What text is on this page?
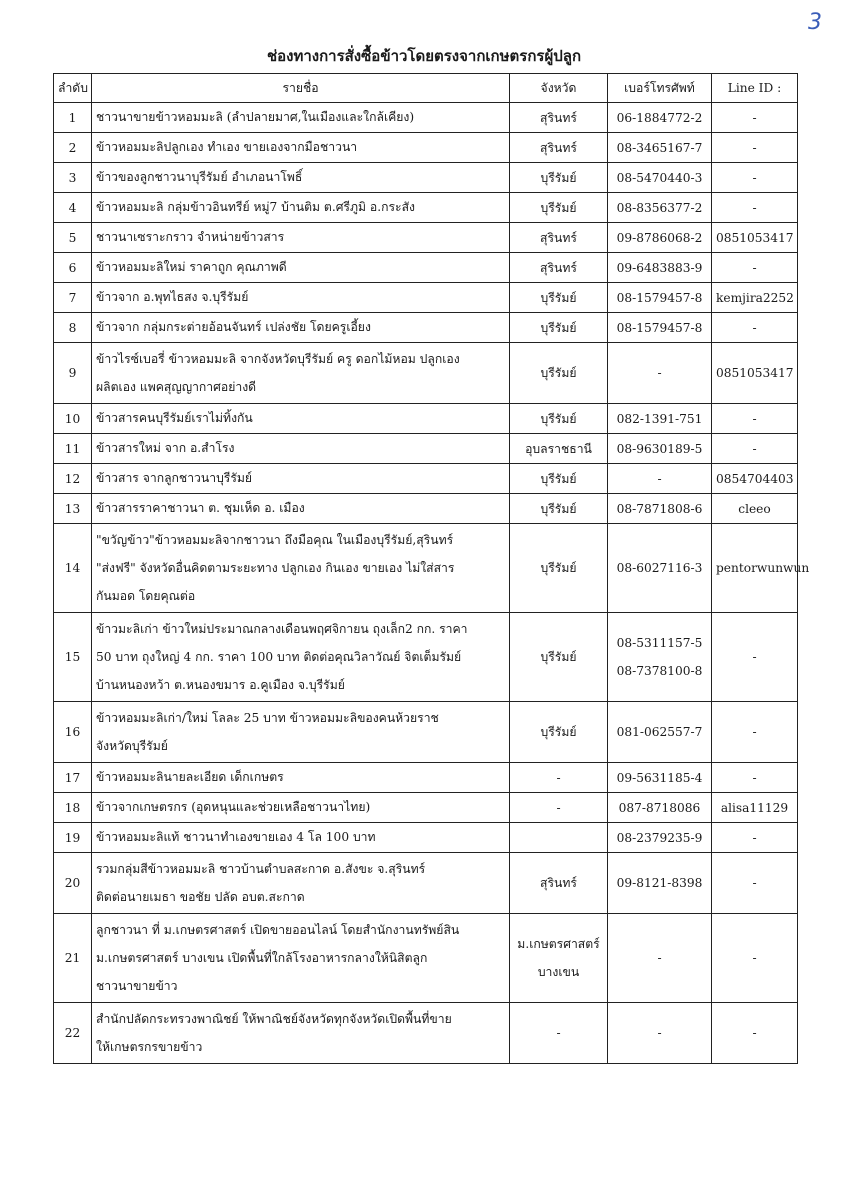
3
ช่องทางการสั่งซื้อข้าวโดยตรงจากเกษตรกรผู้ปลูก
ลำดับ	รายชื่อ	จังหวัด	เบอร์โทรศัพท์	Line ID :
1	ชาวนาขายข้าวหอมมะลิ (ลำปลายมาศ,ในเมืองและใกล้เคียง)	สุรินทร์	06-1884772-2	-
2	ข้าวหอมมะลิปลูกเอง ทำเอง ขายเองจากมือชาวนา	สุรินทร์	08-3465167-7	-
3	ข้าวของลูกชาวนาบุรีรัมย์ อำเภอนาโพธิ์	บุรีรัมย์	08-5470440-3	-
4	ข้าวหอมมะลิ กลุ่มข้าวอินทรีย์ หมู่7 บ้านติม ต.ศรีภูมิ อ.กระสัง	บุรีรัมย์	08-8356377-2	-
5	ชาวนาเซราะกราว จำหน่ายข้าวสาร	สุรินทร์	09-8786068-2	0851053417
6	ข้าวหอมมะลิใหม่ ราคาถูก คุณภาพดี	สุรินทร์	09-6483883-9	-
7	ข้าวจาก อ.พุทไธสง จ.บุรีรัมย์	บุรีรัมย์	08-1579457-8	kemjira2252
8	ข้าวจาก กลุ่มกระต่ายอ้อนจันทร์ เปล่งชัย โดยครูเอี้ยง	บุรีรัมย์	08-1579457-8	-
9	ข้าวไรซ์เบอรี่ ข้าวหอมมะลิ จากจังหวัดบุรีรัมย์ ครู ดอกไม้หอม ปลูกเอง
ผลิตเอง แพคสุญญากาศอย่างดี	บุรีรัมย์	-	0851053417
10	ข้าวสารคนบุรีรัมย์เราไม่ทิ้งกัน	บุรีรัมย์	082-1391-751	-
11	ข้าวสารใหม่ จาก อ.สำโรง	อุบลราชธานี	08-9630189-5	-
12	ข้าวสาร จากลูกชาวนาบุรีรัมย์	บุรีรัมย์	-	0854704403
13	ข้าวสารราคาชาวนา ต. ชุมเห็ด อ. เมือง	บุรีรัมย์	08-7871808-6	cleeo
14	"ขวัญข้าว"ข้าวหอมมะลิจากชาวนา ถึงมือคุณ ในเมืองบุรีรัมย์,สุรินทร์
"ส่งฟรี" จังหวัดอื่นคิดตามระยะทาง ปลูกเอง กินเอง ขายเอง ไม่ใส่สาร
กันมอด โดยคุณต่อ	บุรีรัมย์	08-6027116-3	pentorwunwun
15	ข้าวมะลิเก่า ข้าวใหม่ประมาณกลางเดือนพฤศจิกายน ถุงเล็ก2 กก. ราคา
50 บาท ถุงใหญ่ 4 กก. ราคา 100 บาท ติดต่อคุณวิลาวัณย์ จิตเต็มรัมย์
บ้านหนองหว้า ต.หนองขมาร อ.คูเมือง จ.บุรีรัมย์	บุรีรัมย์	08-5311157-5
08-7378100-8	-
16	ข้าวหอมมะลิเก่า/ใหม่ โลละ 25 บาท ข้าวหอมมะลิของคนห้วยราช
จังหวัดบุรีรัมย์	บุรีรัมย์	081-062557-7	-
17	ข้าวหอมมะลินายละเอียด เด็กเกษตร	-	09-5631185-4	-
18	ข้าวจากเกษตรกร (อุดหนุนและช่วยเหลือชาวนาไทย)	-	087-8718086	alisa11129
19	ข้าวหอมมะลิแท้ ชาวนาทำเองขายเอง 4 โล 100 บาท		08-2379235-9	-
20	รวมกลุ่มสีข้าวหอมมะลิ ชาวบ้านตำบลสะกาด อ.สังขะ จ.สุรินทร์
ติดต่อนายเมธา ขอชัย ปลัด อบต.สะกาด	สุรินทร์	09-8121-8398	-
21	ลูกชาวนา ที่ ม.เกษตรศาสตร์ เปิดขายออนไลน์ โดยสำนักงานทรัพย์สิน
ม.เกษตรศาสตร์ บางเขน เปิดพื้นที่ใกล้โรงอาหารกลางให้นิสิตลูก
ชาวนาขายข้าว	ม.เกษตรศาสตร์
บางเขน	-	-
22	สำนักปลัดกระทรวงพาณิชย์ ให้พาณิชย์จังหวัดทุกจังหวัดเปิดพื้นที่ขาย
ให้เกษตรกรขายข้าว	-	-	-
